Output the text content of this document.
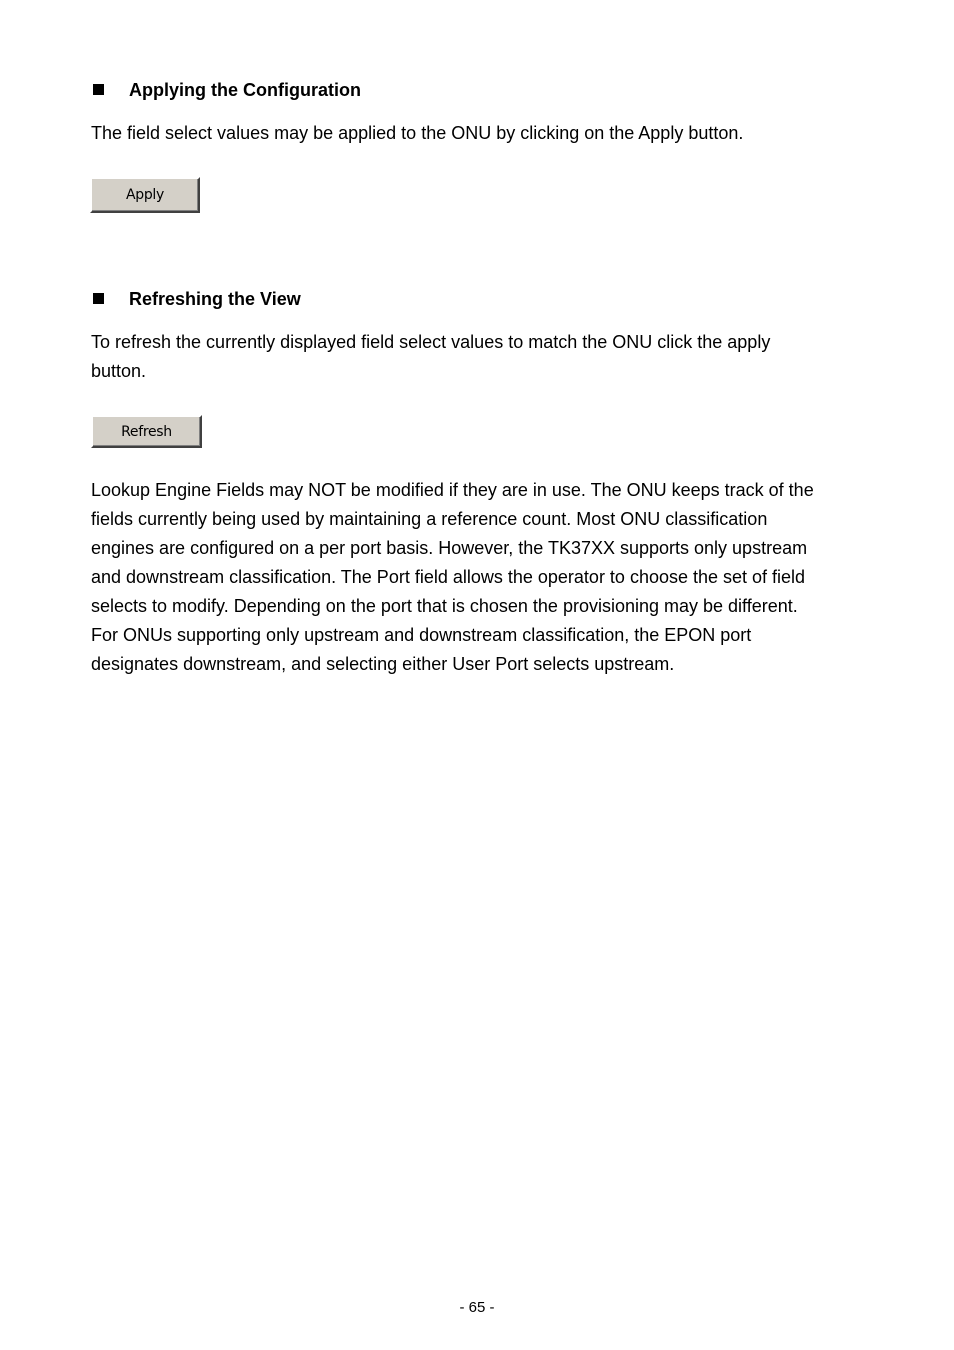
Applying the Configuration
The field select values may be applied to the ONU by clicking on the Apply button.
Apply
Refreshing the View
To refresh the currently displayed field select values to match the ONU click the apply
button.
Refresh
Lookup Engine Fields may NOT be modified if they are in use. The ONU keeps track of the
fields currently being used by maintaining a reference count. Most ONU classification
engines are configured on a per port basis. However, the TK37XX supports only upstream
and downstream classification. The Port field allows the operator to choose the set of field
selects to modify. Depending on the port that is chosen the provisioning may be different.
For ONUs supporting only upstream and downstream classification, the EPON port
designates downstream, and selecting either User Port selects upstream.
- 65 -
